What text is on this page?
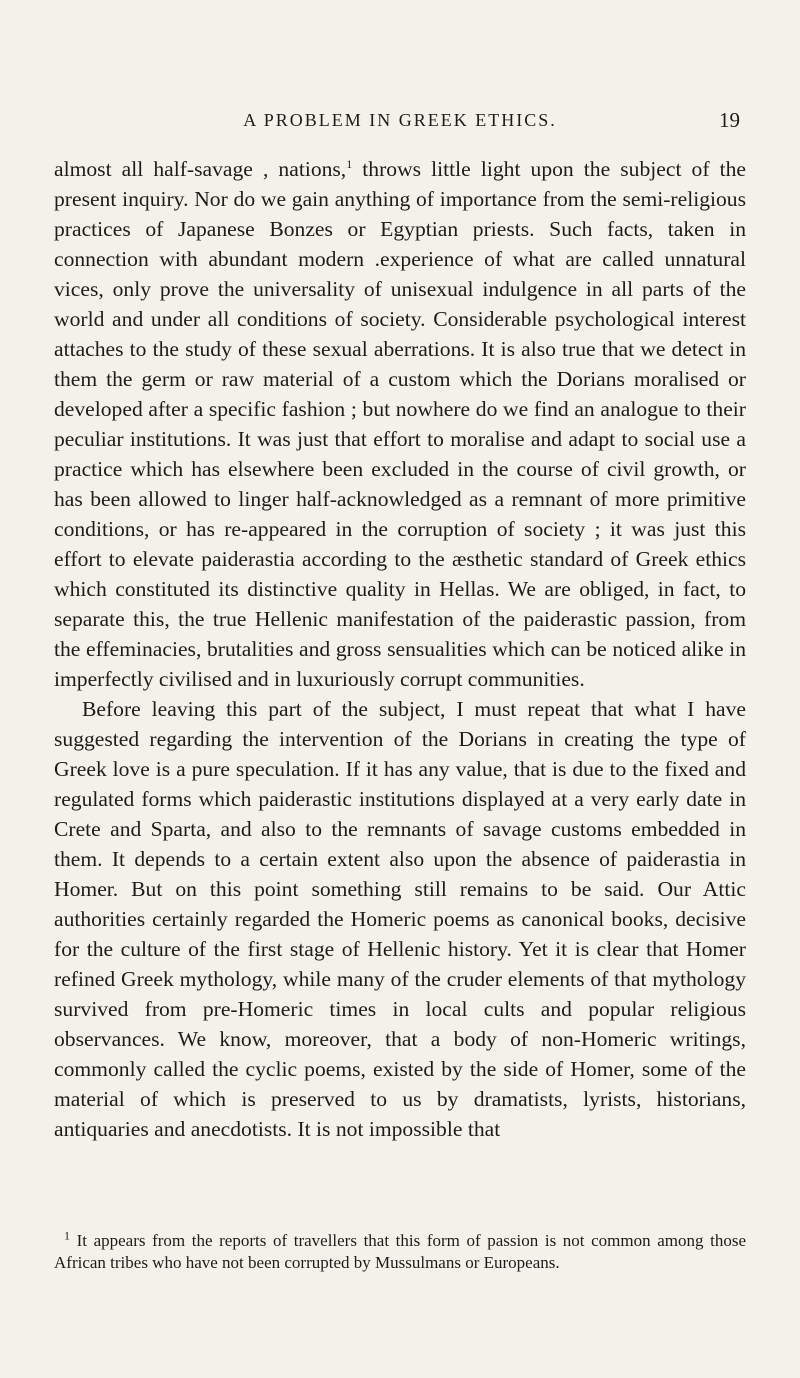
A PROBLEM IN GREEK ETHICS.	19

almost all half-savage , nations,$^1$ throws little light upon the subject of the present inquiry. Nor do we gain anything of importance from the semi-religious practices of Japanese Bonzes or Egyptian priests. Such facts, taken in connection with abundant modern .experience of what are called unnatural vices, only prove the universality of unisexual indulgence in all parts of the world and under all conditions of society. Considerable psychological interest attaches to the study of these sexual aberrations. It is also true that we detect in them the germ or raw material of a custom which the Dorians moralised or developed after a specific fashion ; but nowhere do we find an analogue to their peculiar institutions. It was just that effort to moralise and adapt to social use a practice which has elsewhere been excluded in the course of civil growth, or has been allowed to linger half-acknowledged as a remnant of more primitive conditions, or has re-appeared in the corruption of society ; it was just this effort to elevate paiderastia according to the æsthetic standard of Greek ethics which constituted its distinctive quality in Hellas. We are obliged, in fact, to separate this, the true Hellenic manifestation of the paiderastic passion, from the effeminacies, brutalities and gross sensualities which can be noticed alike in imperfectly civilised and in luxuriously corrupt communities.

Before leaving this part of the subject, I must repeat that what I have suggested regarding the intervention of the Dorians in creating the type of Greek love is a pure speculation. If it has any value, that is due to the fixed and regulated forms which paiderastic institutions displayed at a very early date in Crete and Sparta, and also to the remnants of savage customs embedded in them. It depends to a certain extent also upon the absence of paiderastia in Homer. But on this point something still remains to be said. Our Attic authorities certainly regarded the Homeric poems as canonical books, decisive for the culture of the first stage of Hellenic history. Yet it is clear that Homer refined Greek mythology, while many of the cruder elements of that mythology survived from pre-Homeric times in local cults and popular religious observances. We know, moreover, that a body of non-Homeric writings, commonly called the cyclic poems, existed by the side of Homer, some of the material of which is preserved to us by dramatists, lyrists, historians, antiquaries and anecdotists. It is not impossible that

$^1$ It appears from the reports of travellers that this form of passion is not common among those African tribes who have not been corrupted by Mussulmans or Europeans.
